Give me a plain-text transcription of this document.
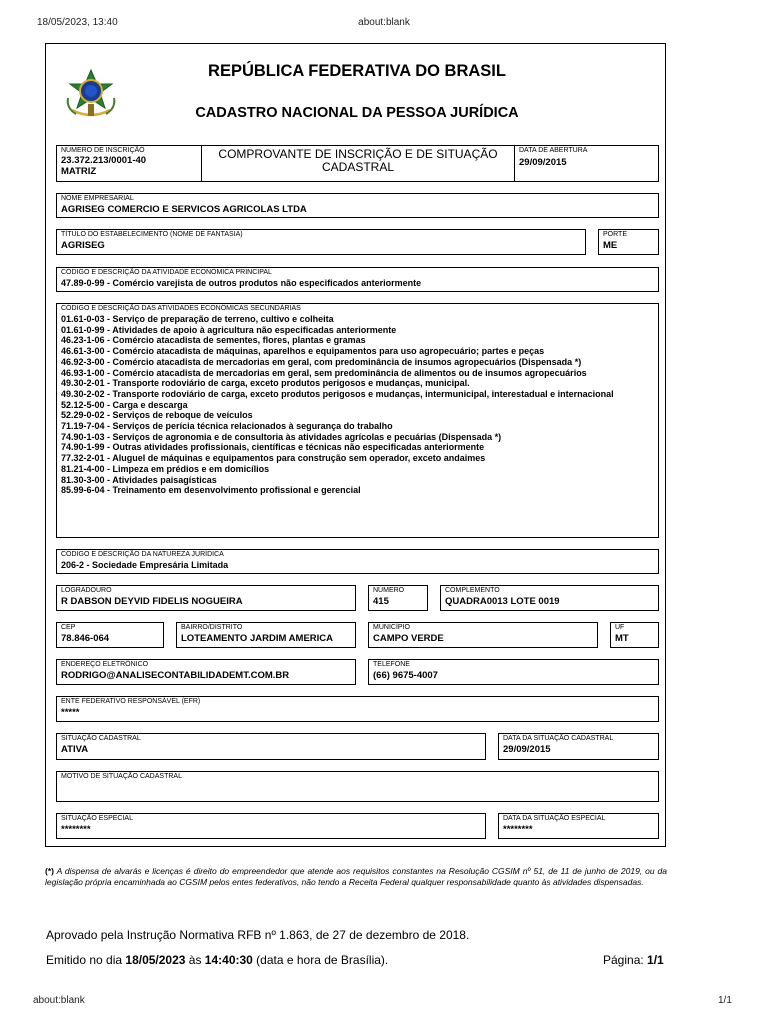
18/05/2023, 13:40	about:blank
REPÚBLICA FEDERATIVA DO BRASIL
CADASTRO NACIONAL DA PESSOA JURÍDICA
NÚMERO DE INSCRIÇÃO
23.372.213/0001-40
MATRIZ
COMPROVANTE DE INSCRIÇÃO E DE SITUAÇÃO
CADASTRAL
DATA DE ABERTURA
29/09/2015
NOME EMPRESARIAL
AGRISEG COMERCIO E SERVICOS AGRICOLAS LTDA
TÍTULO DO ESTABELECIMENTO (NOME DE FANTASIA)
AGRISEG
PORTE
ME
CÓDIGO E DESCRIÇÃO DA ATIVIDADE ECONÔMICA PRINCIPAL
47.89-0-99 - Comércio varejista de outros produtos não especificados anteriormente
CÓDIGO E DESCRIÇÃO DAS ATIVIDADES ECONÔMICAS SECUNDÁRIAS
01.61-0-03 - Serviço de preparação de terreno, cultivo e colheita
01.61-0-99 - Atividades de apoio à agricultura não especificadas anteriormente
46.23-1-06 - Comércio atacadista de sementes, flores, plantas e gramas
46.61-3-00 - Comércio atacadista de máquinas, aparelhos e equipamentos para uso agropecuário; partes e peças
46.92-3-00 - Comércio atacadista de mercadorias em geral, com predominância de insumos agropecuários (Dispensada *)
46.93-1-00 - Comércio atacadista de mercadorias em geral, sem predominância de alimentos ou de insumos agropecuários
49.30-2-01 - Transporte rodoviário de carga, exceto produtos perigosos e mudanças, municipal.
49.30-2-02 - Transporte rodoviário de carga, exceto produtos perigosos e mudanças, intermunicipal, interestadual e internacional
52.12-5-00 - Carga e descarga
52.29-0-02 - Serviços de reboque de veículos
71.19-7-04 - Serviços de perícia técnica relacionados à segurança do trabalho
74.90-1-03 - Serviços de agronomia e de consultoria às atividades agrícolas e pecuárias (Dispensada *)
74.90-1-99 - Outras atividades profissionais, científicas e técnicas não especificadas anteriormente
77.32-2-01 - Aluguel de máquinas e equipamentos para construção sem operador, exceto andaimes
81.21-4-00 - Limpeza em prédios e em domicílios
81.30-3-00 - Atividades paisagísticas
85.99-6-04 - Treinamento em desenvolvimento profissional e gerencial
CÓDIGO E DESCRIÇÃO DA NATUREZA JURÍDICA
206-2 - Sociedade Empresária Limitada
LOGRADOURO
R DABSON DEYVID FIDELIS NOGUEIRA
NÚMERO
415
COMPLEMENTO
QUADRA0013 LOTE 0019
CEP
78.846-064
BAIRRO/DISTRITO
LOTEAMENTO JARDIM AMERICA
MUNICÍPIO
CAMPO VERDE
UF
MT
ENDEREÇO ELETRÔNICO
RODRIGO@ANALISECONTABILIDADEMT.COM.BR
TELEFONE
(66) 9675-4007
ENTE FEDERATIVO RESPONSÁVEL (EFR)
*****
SITUAÇÃO CADASTRAL
ATIVA
DATA DA SITUAÇÃO CADASTRAL
29/09/2015
MOTIVO DE SITUAÇÃO CADASTRAL
SITUAÇÃO ESPECIAL
********
DATA DA SITUAÇÃO ESPECIAL
********
(*) A dispensa de alvarás e licenças é direito do empreendedor que atende aos requisitos constantes na Resolução CGSIM nº 51, de 11 de junho de 2019, ou da legislação própria encaminhada ao CGSIM pelos entes federativos, não tendo a Receita Federal qualquer responsabilidade quanto às atividades dispensadas.
Aprovado pela Instrução Normativa RFB nº 1.863, de 27 de dezembro de 2018.
Emitido no dia 18/05/2023 às 14:40:30 (data e hora de Brasília).	Página: 1/1
about:blank	1/1
